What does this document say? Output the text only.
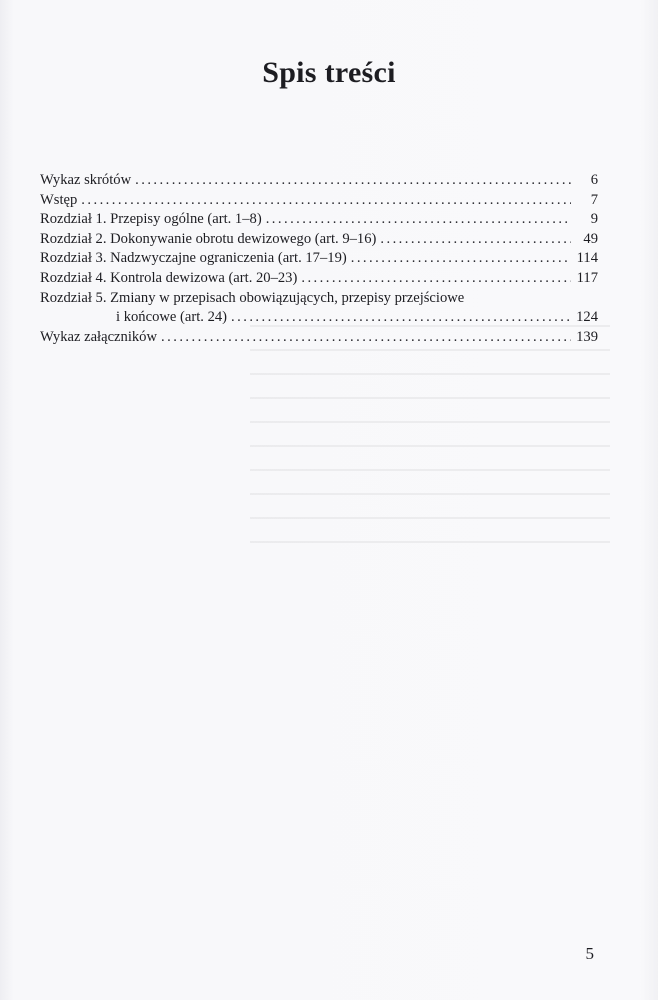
Spis treści
Wykaz skrótów . . .	6
Wstęp . . .	7
Rozdział 1. Przepisy ogólne (art. 1–8) . . .	9
Rozdział 2. Dokonywanie obrotu dewizowego (art. 9–16) . . .	49
Rozdział 3. Nadzwyczajne ograniczenia (art. 17–19) . . .	114
Rozdział 4. Kontrola dewizowa (art. 20–23) . . .	117
Rozdział 5. Zmiany w przepisach obowiązujących, przepisy przejściowe
i końcowe (art. 24) . . .	124
Wykaz załączników . . .	139
5
